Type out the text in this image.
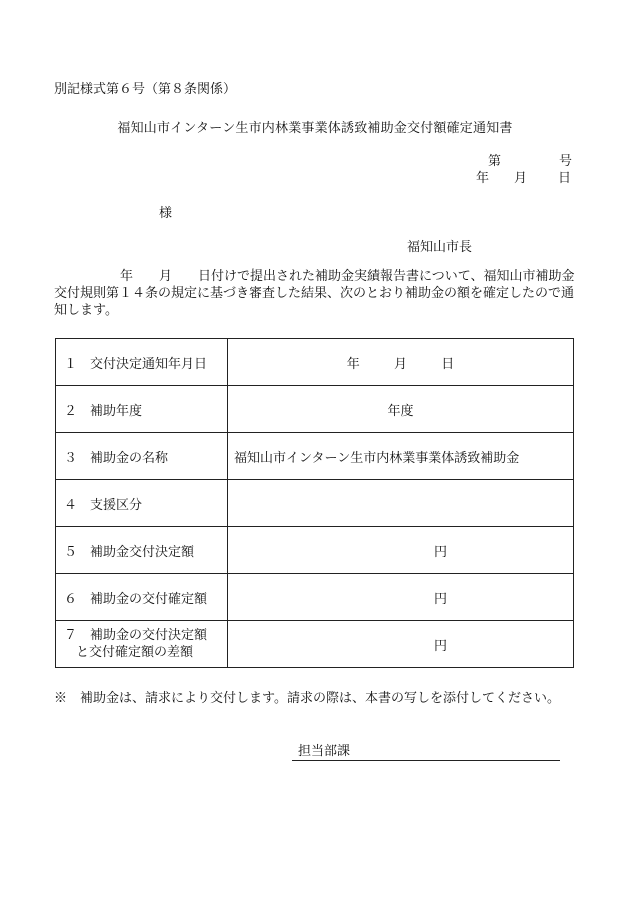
別記様式第６号（第８条関係）
福知山市インターン生市内林業事業体誘致補助金交付額確定通知書
第	号
年 月 日
様
福知山市長
年 月 日付けで提出された補助金実績報告書について、福知山市補助金
交付規則第１４条の規定に基づき審査した結果、次のとおり補助金の額を確定したので通
知します。
１　交付決定通知年月日	年 月 日
２　補助年度	年度
３　補助金の名称	福知山市インターン生市内林業事業体誘致補助金
４　支援区分	
５　補助金交付決定額	円
６　補助金の交付確定額	円

７　補助金の交付決定額
と交付確定額の差額	円
※　補助金は、請求により交付します。請求の際は、本書の写しを添付してください。
担当部課
